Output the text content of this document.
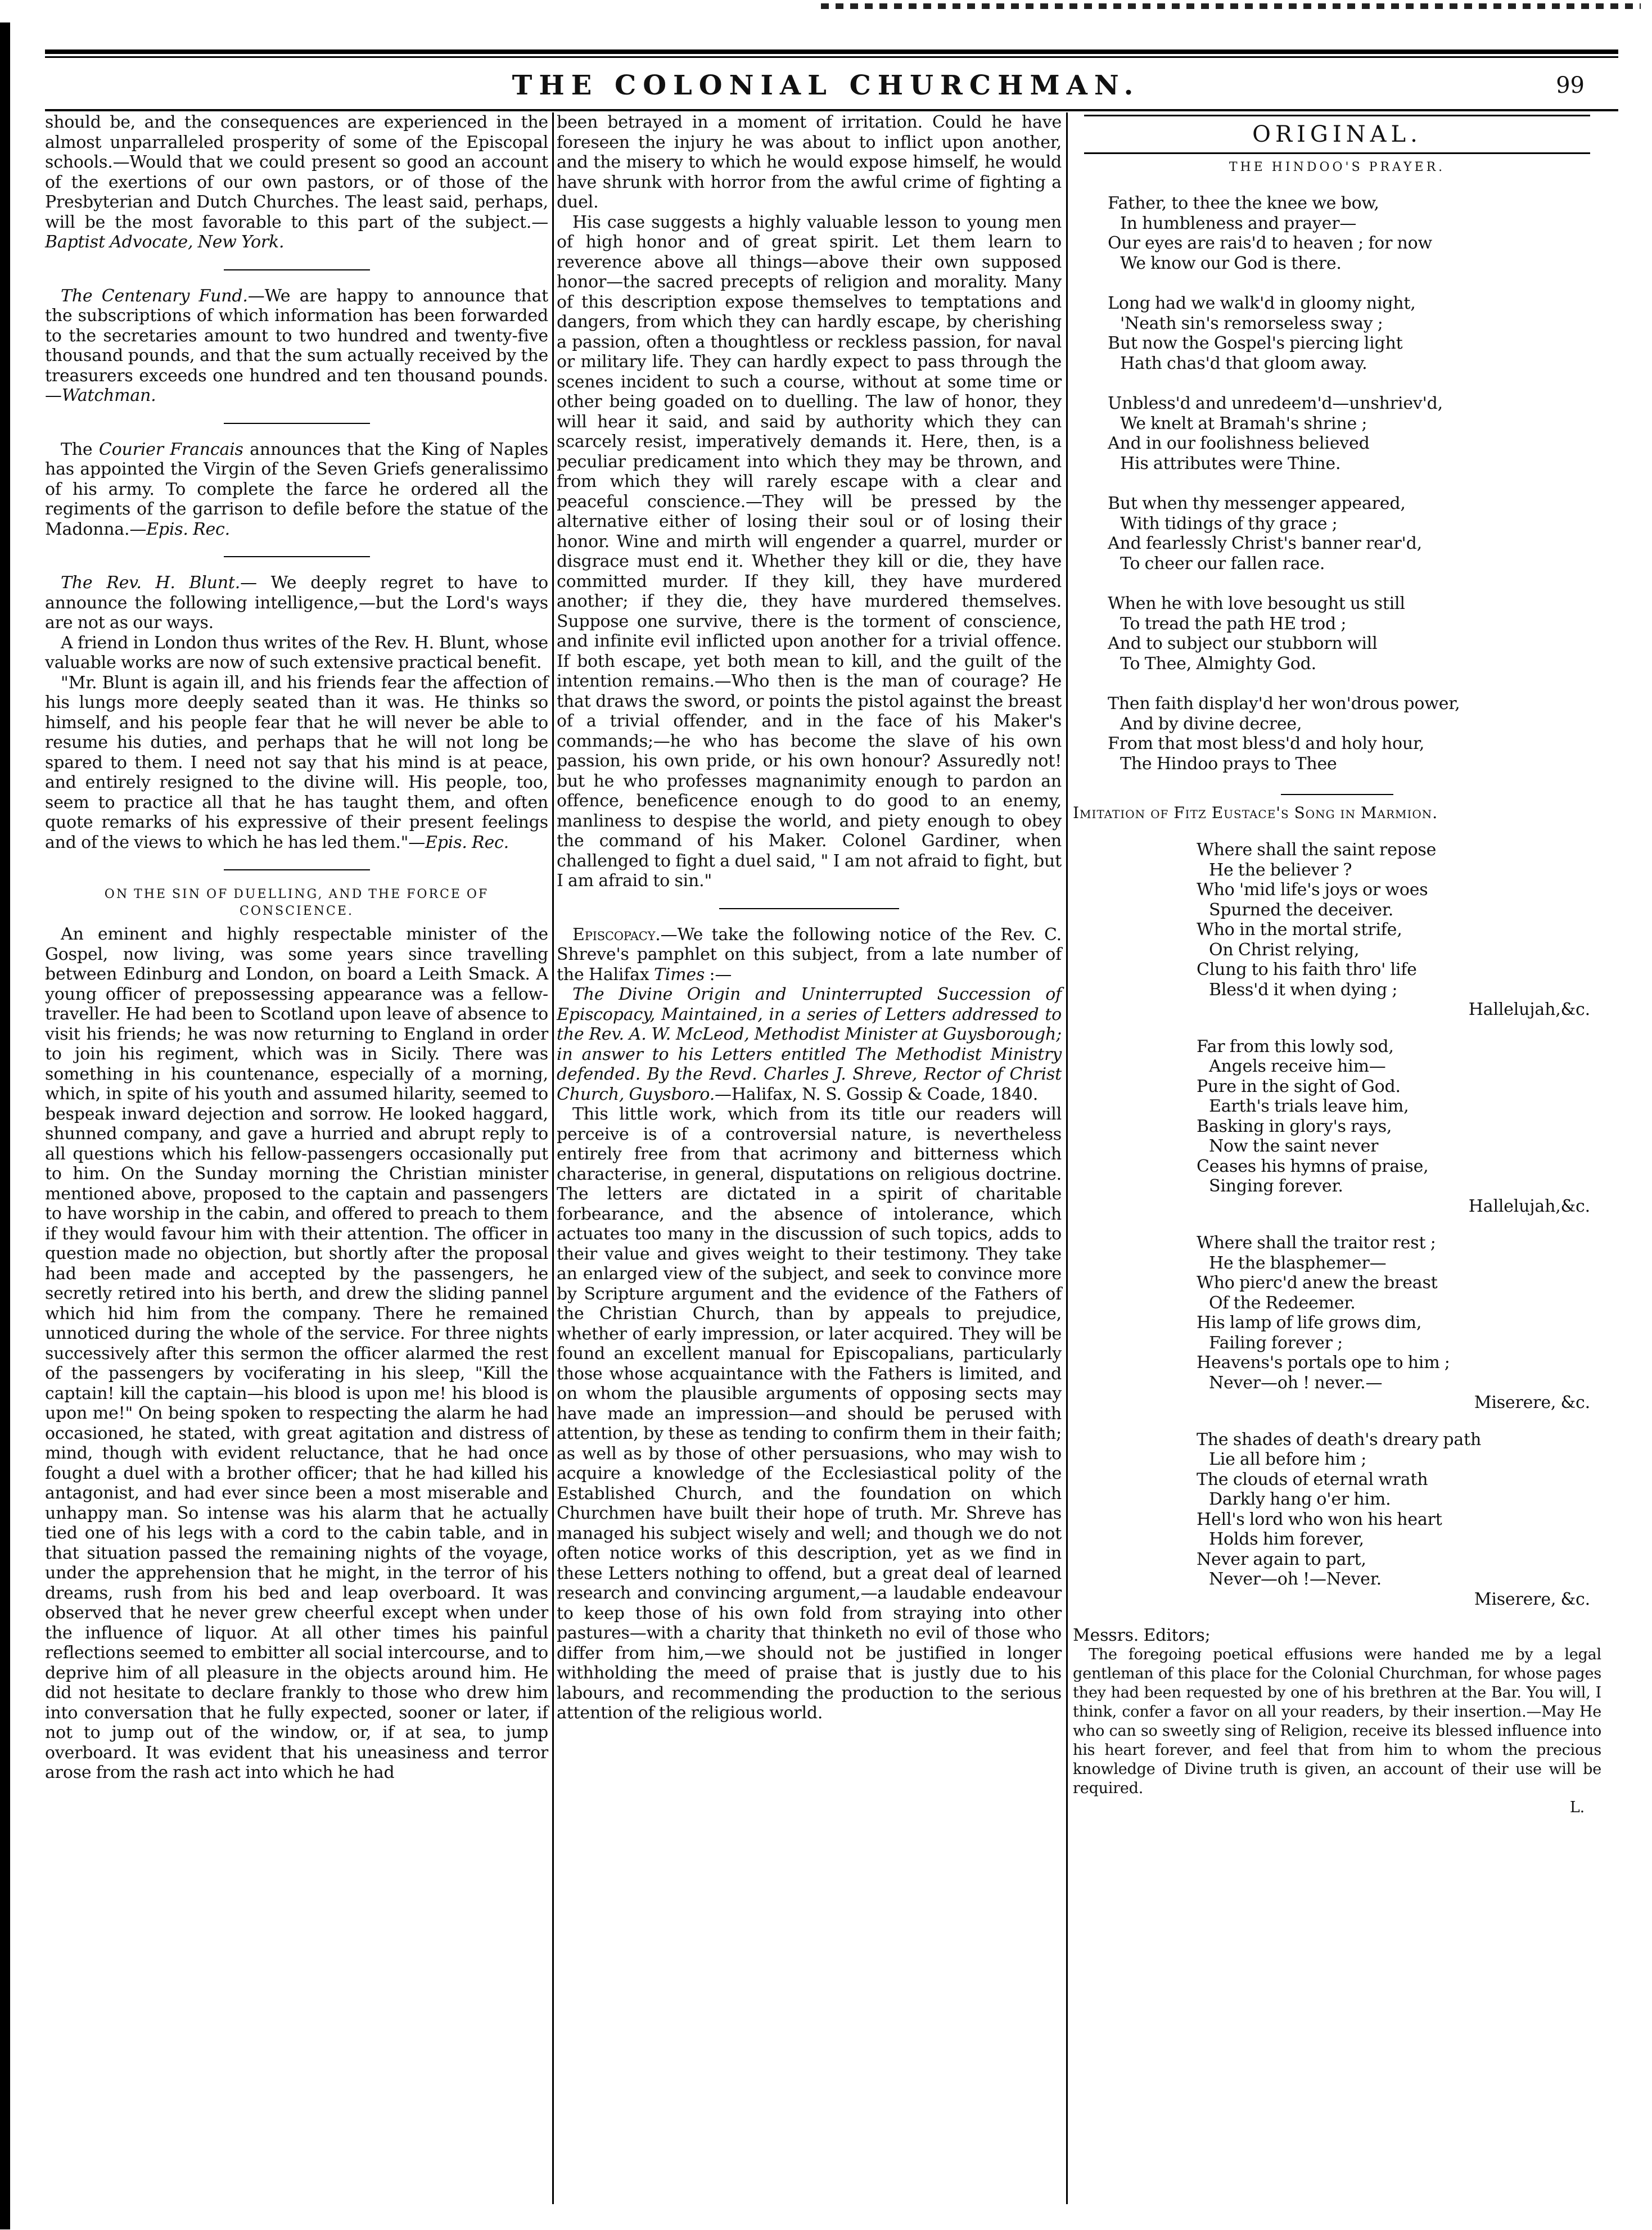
THE COLONIAL CHURCHMAN.	99

should be, and the consequences are experienced in the almost unparralleled prosperity of some of the Episcopal schools.—Would that we could present so good an account of the exertions of our own pastors, or of those of the Presbyterian and Dutch Churches. The least said, perhaps, will be the most favorable to this part of the subject.—Baptist Advocate, New York.

The Centenary Fund.—We are happy to announce that the subscriptions of which information has been forwarded to the secretaries amount to two hundred and twenty-five thousand pounds, and that the sum actually received by the treasurers exceeds one hundred and ten thousand pounds.—Watchman.

The Courier Francais announces that the King of Naples has appointed the Virgin of the Seven Griefs generalissimo of his army. To complete the farce he ordered all the regiments of the garrison to defile before the statue of the Madonna.—Epis. Rec.

The Rev. H. Blunt.— We deeply regret to have to announce the following intelligence,—but the Lord's ways are not as our ways.

A friend in London thus writes of the Rev. H. Blunt, whose valuable works are now of such extensive practical benefit.

"Mr. Blunt is again ill, and his friends fear the affection of his lungs more deeply seated than it was. He thinks so himself, and his people fear that he will never be able to resume his duties, and perhaps that he will not long be spared to them. I need not say that his mind is at peace, and entirely resigned to the divine will. His people, too, seem to practice all that he has taught them, and often quote remarks of his expressive of their present feelings and of the views to which he has led them."—Epis. Rec.

ON THE SIN OF DUELLING, AND THE FORCE OF CONSCIENCE.

An eminent and highly respectable minister of the Gospel, now living, was some years since travelling between Edinburg and London, on board a Leith Smack. A young officer of prepossessing appearance was a fellow-traveller. He had been to Scotland upon leave of absence to visit his friends; he was now returning to England in order to join his regiment, which was in Sicily. There was something in his countenance, especially of a morning, which, in spite of his youth and assumed hilarity, seemed to bespeak inward dejection and sorrow. He looked haggard, shunned company, and gave a hurried and abrupt reply to all questions which his fellow-passengers occasionally put to him. On the Sunday morning the Christian minister mentioned above, proposed to the captain and passengers to have worship in the cabin, and offered to preach to them if they would favour him with their attention. The officer in question made no objection, but shortly after the proposal had been made and accepted by the passengers, he secretly retired into his berth, and drew the sliding pannel which hid him from the company. There he remained unnoticed during the whole of the service. For three nights successively after this sermon the officer alarmed the rest of the passengers by vociferating in his sleep, "Kill the captain! kill the captain—his blood is upon me! his blood is upon me!" On being spoken to respecting the alarm he had occasioned, he stated, with great agitation and distress of mind, though with evident reluctance, that he had once fought a duel with a brother officer; that he had killed his antagonist, and had ever since been a most miserable and unhappy man. So intense was his alarm that he actually tied one of his legs with a cord to the cabin table, and in that situation passed the remaining nights of the voyage, under the apprehension that he might, in the terror of his dreams, rush from his bed and leap overboard. It was observed that he never grew cheerful except when under the influence of liquor. At all other times his painful reflections seemed to embitter all social intercourse, and to deprive him of all pleasure in the objects around him. He did not hesitate to declare frankly to those who drew him into conversation that he fully expected, sooner or later, if not to jump out of the window, or, if at sea, to jump overboard. It was evident that his uneasiness and terror arose from the rash act into which he had

been betrayed in a moment of irritation. Could he have foreseen the injury he was about to inflict upon another, and the misery to which he would expose himself, he would have shrunk with horror from the awful crime of fighting a duel.

His case suggests a highly valuable lesson to young men of high honor and of great spirit. Let them learn to reverence above all things—above their own supposed honor—the sacred precepts of religion and morality. Many of this description expose themselves to temptations and dangers, from which they can hardly escape, by cherishing a passion, often a thoughtless or reckless passion, for naval or military life. They can hardly expect to pass through the scenes incident to such a course, without at some time or other being goaded on to duelling. The law of honor, they will hear it said, and said by authority which they can scarcely resist, imperatively demands it. Here, then, is a peculiar predicament into which they may be thrown, and from which they will rarely escape with a clear and peaceful conscience.—They will be pressed by the alternative either of losing their soul or of losing their honor. Wine and mirth will engender a quarrel, murder or disgrace must end it. Whether they kill or die, they have committed murder. If they kill, they have murdered another; if they die, they have murdered themselves. Suppose one survive, there is the torment of conscience, and infinite evil inflicted upon another for a trivial offence. If both escape, yet both mean to kill, and the guilt of the intention remains.—Who then is the man of courage? He that draws the sword, or points the pistol against the breast of a trivial offender, and in the face of his Maker's commands;—he who has become the slave of his own passion, his own pride, or his own honour? Assuredly not! but he who professes magnanimity enough to pardon an offence, beneficence enough to do good to an enemy, manliness to despise the world, and piety enough to obey the command of his Maker. Colonel Gardiner, when challenged to fight a duel said, " I am not afraid to fight, but I am afraid to sin."

Episcopacy.—We take the following notice of the Rev. C. Shreve's pamphlet on this subject, from a late number of the Halifax Times :—

The Divine Origin and Uninterrupted Succession of Episcopacy, Maintained, in a series of Letters addressed to the Rev. A. W. McLeod, Methodist Minister at Guysborough; in answer to his Letters entitled The Methodist Ministry defended. By the Revd. Charles J. Shreve, Rector of Christ Church, Guysboro.—Halifax, N. S. Gossip & Coade, 1840.

This little work, which from its title our readers will perceive is of a controversial nature, is nevertheless entirely free from that acrimony and bitterness which characterise, in general, disputations on religious doctrine. The letters are dictated in a spirit of charitable forbearance, and the absence of intolerance, which actuates too many in the discussion of such topics, adds to their value and gives weight to their testimony. They take an enlarged view of the subject, and seek to convince more by Scripture argument and the evidence of the Fathers of the Christian Church, than by appeals to prejudice, whether of early impression, or later acquired. They will be found an excellent manual for Episcopalians, particularly those whose acquaintance with the Fathers is limited, and on whom the plausible arguments of opposing sects may have made an impression—and should be perused with attention, by these as tending to confirm them in their faith; as well as by those of other persuasions, who may wish to acquire a knowledge of the Ecclesiastical polity of the Established Church, and the foundation on which Churchmen have built their hope of truth. Mr. Shreve has managed his subject wisely and well; and though we do not often notice works of this description, yet as we find in these Letters nothing to offend, but a great deal of learned research and convincing argument,—a laudable endeavour to keep those of his own fold from straying into other pastures—with a charity that thinketh no evil of those who differ from him,—we should not be justified in longer withholding the meed of praise that is justly due to his labours, and recommending the production to the serious attention of the religious world.

ORIGINAL.
THE HINDOO'S PRAYER.
Father, to thee the knee we bow,
In humbleness and prayer—
Our eyes are rais'd to heaven ; for now
We know our God is there.
Long had we walk'd in gloomy night,
'Neath sin's remorseless sway ;
But now the Gospel's piercing light
Hath chas'd that gloom away.
Unbless'd and unredeem'd—unshriev'd,
We knelt at Bramah's shrine ;
And in our foolishness believed
His attributes were Thine.
But when thy messenger appeared,
With tidings of thy grace ;
And fearlessly Christ's banner rear'd,
To cheer our fallen race.
When he with love besought us still
To tread the path HE trod ;
And to subject our stubborn will
To Thee, Almighty God.
Then faith display'd her won'drous power,
And by divine decree,
From that most bless'd and holy hour,
The Hindoo prays to Thee
Imitation of Fitz Eustace's Song in Marmion.
Where shall the saint repose
He the believer ?
Who 'mid life's joys or woes
Spurned the deceiver.
Who in the mortal strife,
On Christ relying,
Clung to his faith thro' life
Bless'd it when dying ;
Hallelujah,&c.
Far from this lowly sod,
Angels receive him—
Pure in the sight of God.
Earth's trials leave him,
Basking in glory's rays,
Now the saint never
Ceases his hymns of praise,
Singing forever.
Hallelujah,&c.
Where shall the traitor rest ;
He the blasphemer—
Who pierc'd anew the breast
Of the Redeemer.
His lamp of life grows dim,
Failing forever ;
Heavens's portals ope to him ;
Never—oh ! never.—
Miserere, &c.
The shades of death's dreary path
Lie all before him ;
The clouds of eternal wrath
Darkly hang o'er him.
Hell's lord who won his heart
Holds him forever,
Never again to part,
Never—oh !—Never.
Miserere, &c.

Messrs. Editors;

The foregoing poetical effusions were handed me by a legal gentleman of this place for the Colonial Churchman, for whose pages they had been requested by one of his brethren at the Bar. You will, I think, confer a favor on all your readers, by their insertion.—May He who can so sweetly sing of Religion, receive its blessed influence into his heart forever, and feel that from him to whom the precious knowledge of Divine truth is given, an account of their use will be required.

L.
